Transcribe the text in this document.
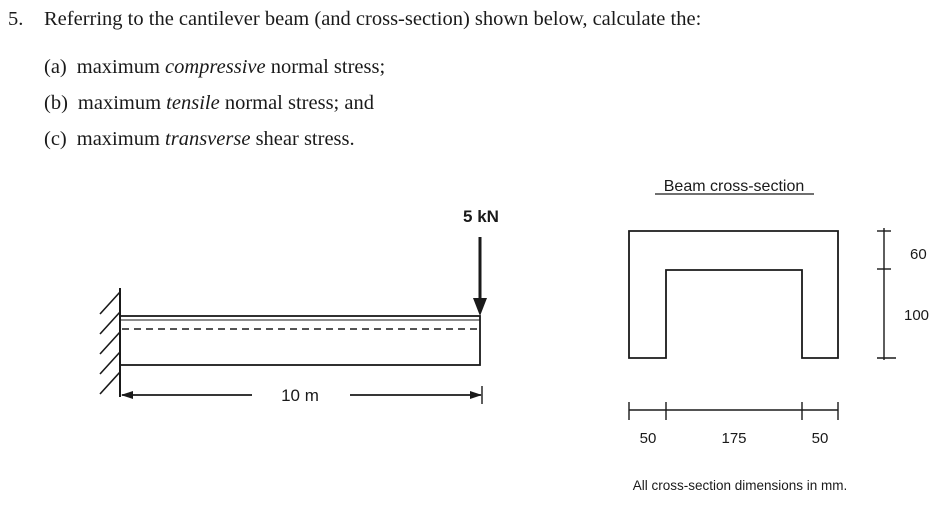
5. Referring to the cantilever beam (and cross-section) shown below, calculate the:
(a) maximum compressive normal stress;
(b) maximum tensile normal stress; and
(c) maximum transverse shear stress.
5 kN
10 m
Beam cross-section
60
100
50	175	50
All cross-section dimensions in mm.
